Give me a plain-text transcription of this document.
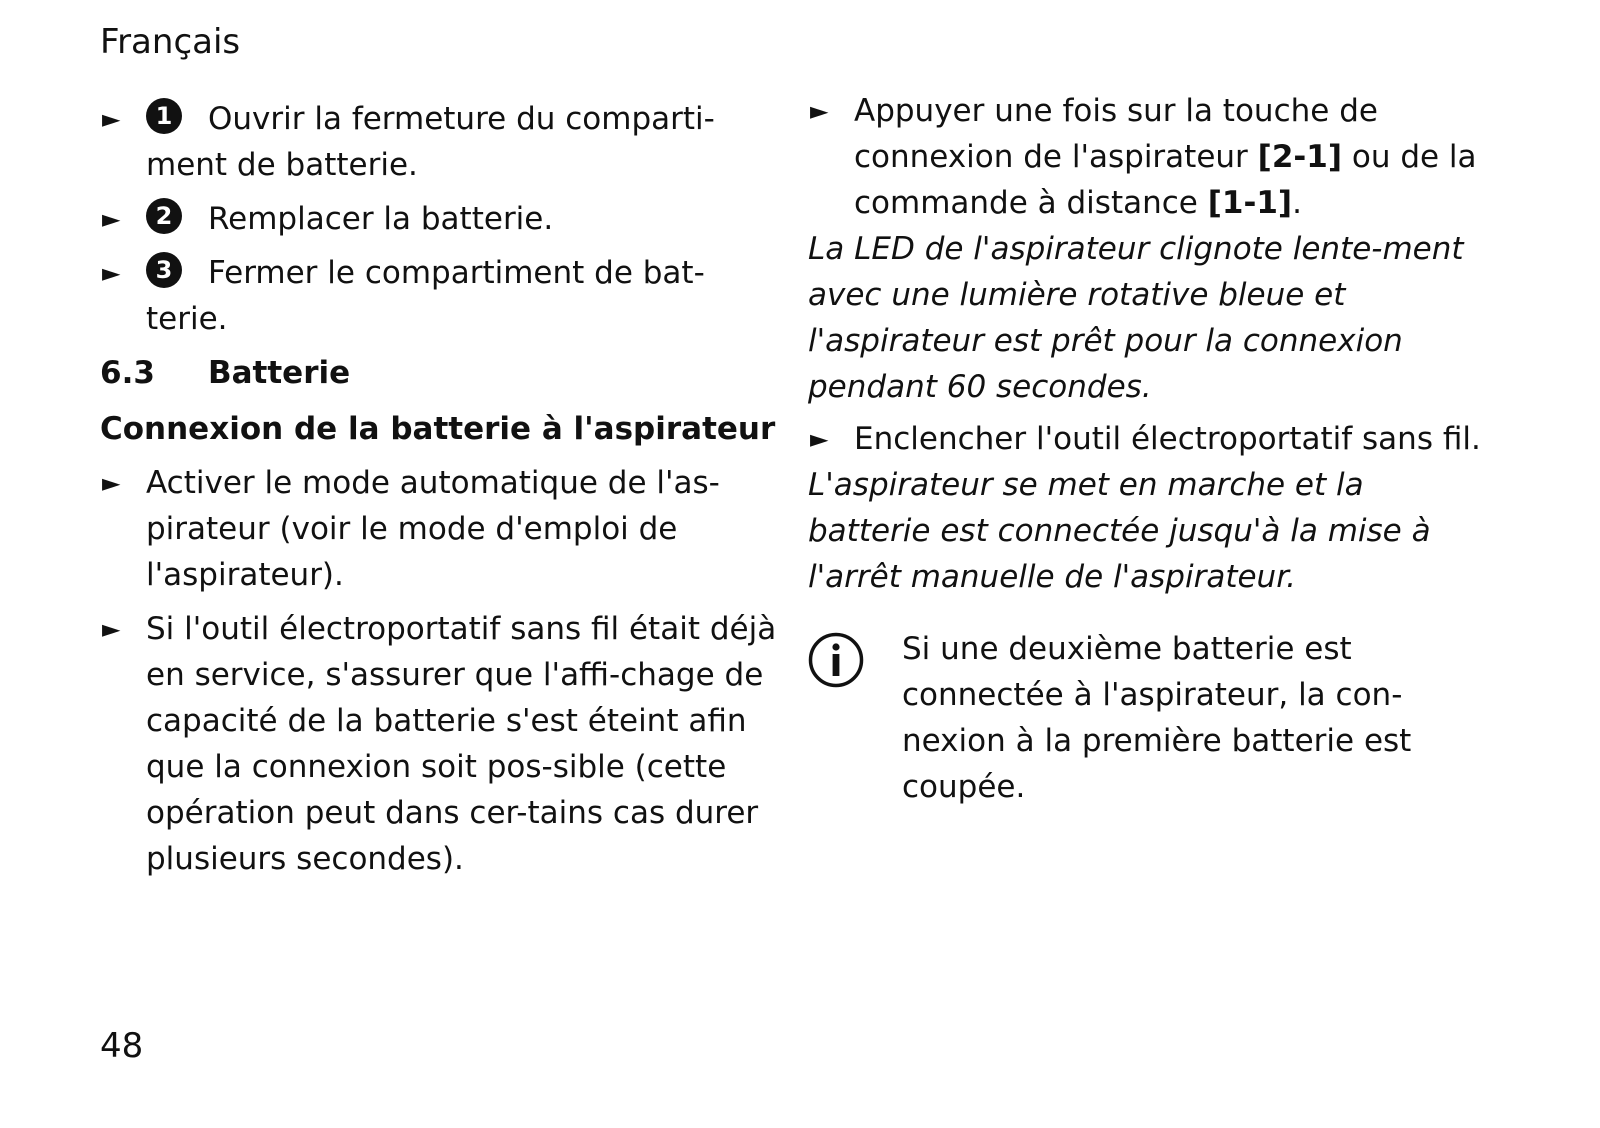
Français

► 1 Ouvrir la fermeture du comparti-ment de batterie.

► 2 Remplacer la batterie.

► 3 Fermer le compartiment de bat-terie.

6.3 Batterie
Connexion de la batterie à l'aspirateur

► Activer le mode automatique de l'as-pirateur (voir le mode d'emploi de l'aspirateur).

► Si l'outil électroportatif sans fil était déjà en service, s'assurer que l'affi-chage de capacité de la batterie s'est éteint afin que la connexion soit pos-sible (cette opération peut dans cer-tains cas durer plusieurs secondes).

► Appuyer une fois sur la touche de connexion de l'aspirateur [2-1] ou de la commande à distance [1-1].

La LED de l'aspirateur clignote lente-ment avec une lumière rotative bleue et l'aspirateur est prêt pour la connexion pendant 60 secondes.

► Enclencher l'outil électroportatif sans fil.

L'aspirateur se met en marche et la batterie est connectée jusqu'à la mise à l'arrêt manuelle de l'aspirateur.

Si une deuxième batterie est connectée à l'aspirateur, la con-nexion à la première batterie est coupée.
48
